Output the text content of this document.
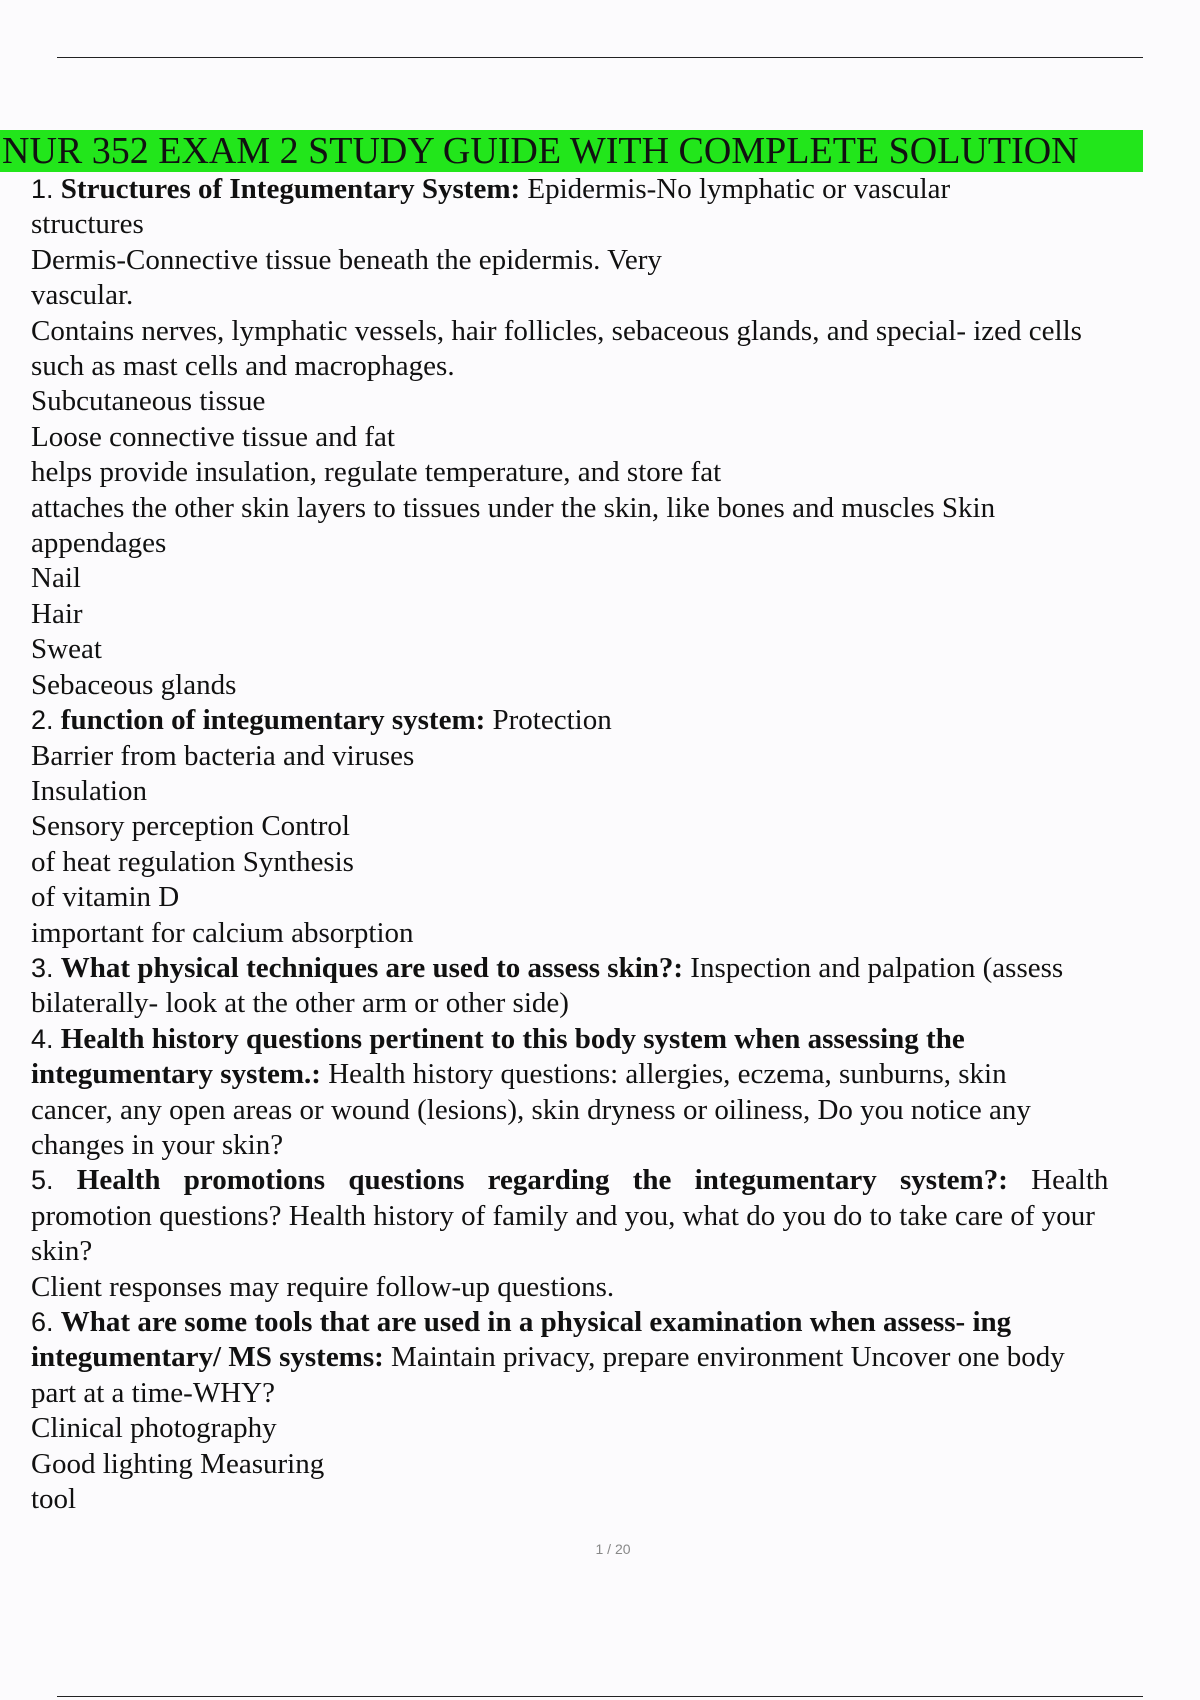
NUR 352 EXAM 2 STUDY GUIDE WITH COMPLETE SOLUTION
1. Structures of Integumentary System: Epidermis-No lymphatic or vascular
structures
Dermis-Connective tissue beneath the epidermis. Very
vascular.
Contains nerves, lymphatic vessels, hair follicles, sebaceous glands, and special- ized cells
such as mast cells and macrophages.
Subcutaneous tissue
Loose connective tissue and fat
helps provide insulation, regulate temperature, and store fat
attaches the other skin layers to tissues under the skin, like bones and muscles Skin
appendages
Nail
Hair
Sweat
Sebaceous glands
2. function of integumentary system: Protection
Barrier from bacteria and viruses
Insulation
Sensory perception Control
of heat regulation Synthesis
of vitamin D
important for calcium absorption
3. What physical techniques are used to assess skin?: Inspection and palpation (assess
bilaterally- look at the other arm or other side)
4. Health history questions pertinent to this body system when assessing the
integumentary system.: Health history questions: allergies, eczema, sunburns, skin
cancer, any open areas or wound (lesions), skin dryness or oiliness, Do you notice any
changes in your skin?
5. Health promotions questions regarding the integumentary system?: Health
promotion questions? Health history of family and you, what do you do to take care of your
skin?
Client responses may require follow-up questions.
6. What are some tools that are used in a physical examination when assess- ing
integumentary/ MS systems: Maintain privacy, prepare environment Uncover one body
part at a time-WHY?
Clinical photography
Good lighting Measuring
tool
1 / 20
